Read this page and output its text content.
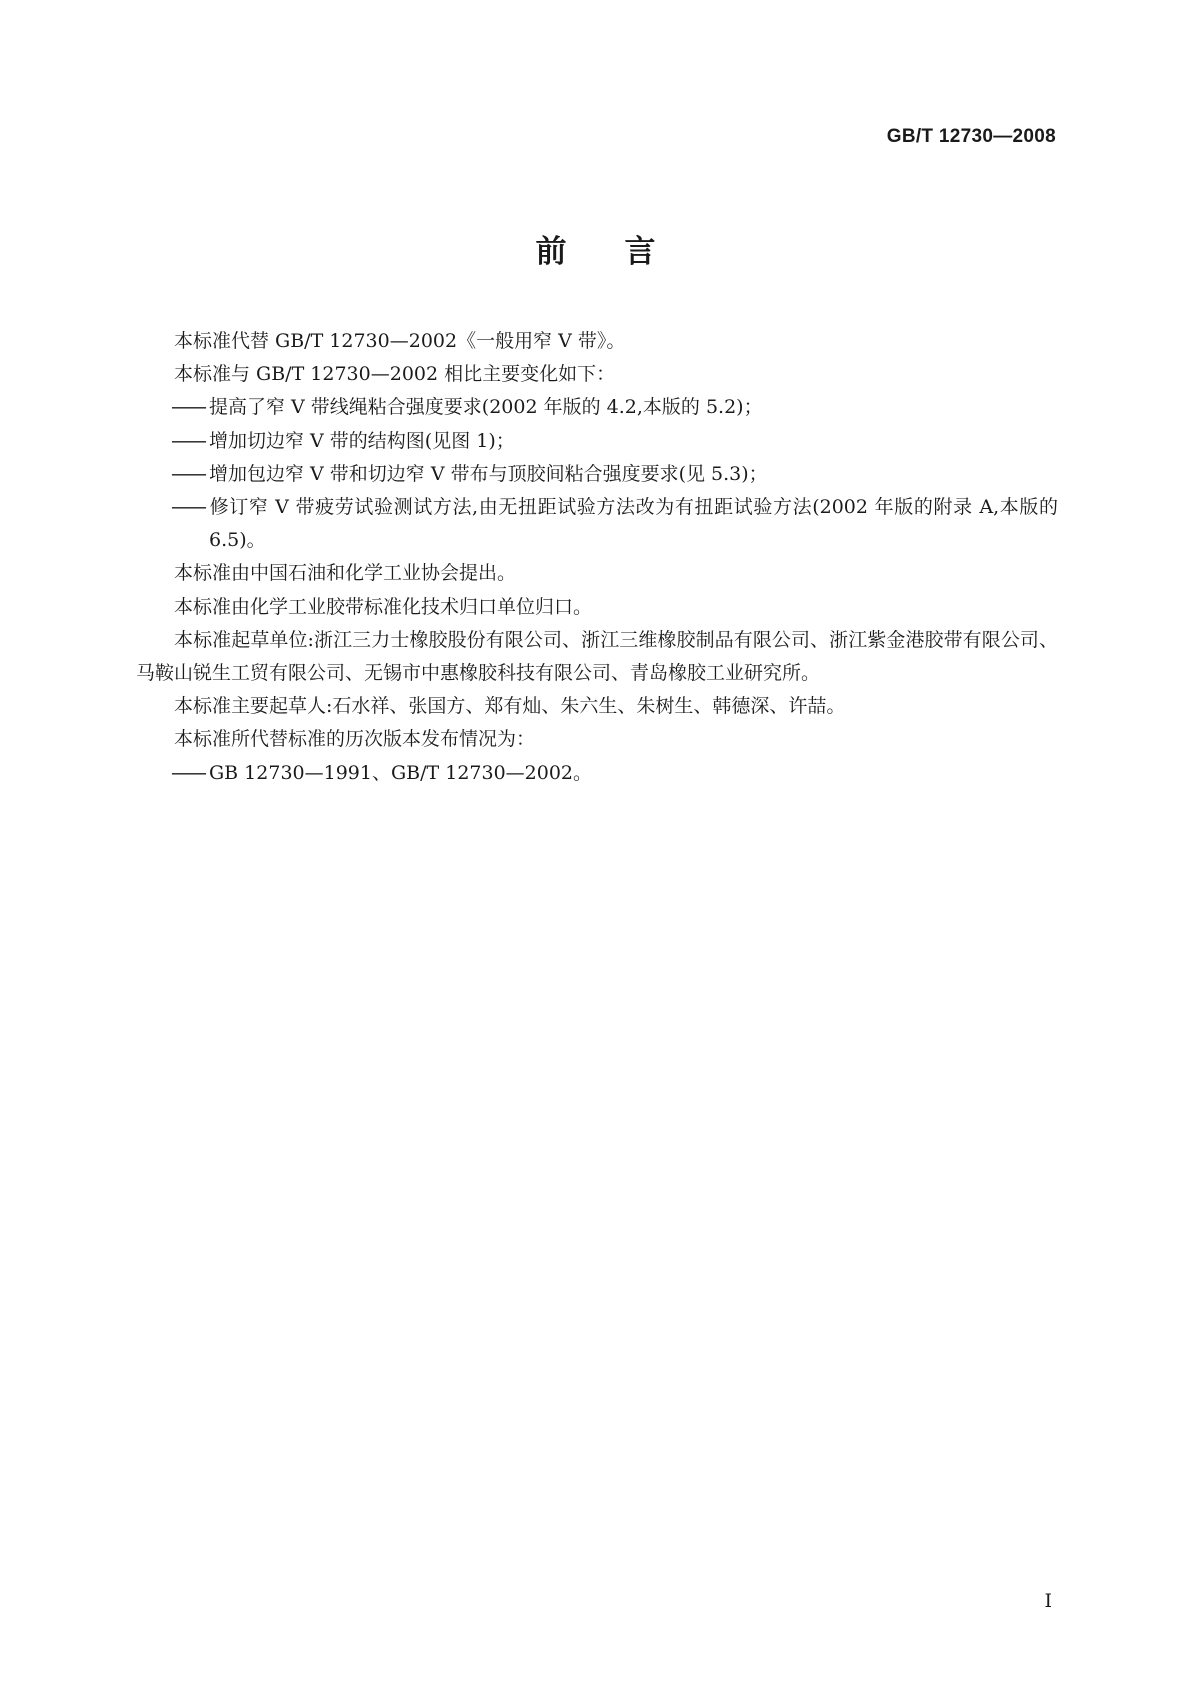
GB/T 12730—2008
前言

本标准代替 GB/T 12730—2002《一般用窄 V 带》。

本标准与 GB/T 12730—2002 相比主要变化如下：

—— 提高了窄 V 带线绳粘合强度要求(2002 年版的 4.2,本版的 5.2)；

—— 增加切边窄 V 带的结构图(见图 1)；

—— 增加包边窄 V 带和切边窄 V 带布与顶胶间粘合强度要求(见 5.3)；

—— 修订窄 V 带疲劳试验测试方法,由无扭距试验方法改为有扭距试验方法(2002 年版的附录 A,本版的 6.5)。

本标准由中国石油和化学工业协会提出。

本标准由化学工业胶带标准化技术归口单位归口。

本标准起草单位:浙江三力士橡胶股份有限公司、浙江三维橡胶制品有限公司、浙江紫金港胶带有限公司、马鞍山锐生工贸有限公司、无锡市中惠橡胶科技有限公司、青岛橡胶工业研究所。

本标准主要起草人:石水祥、张国方、郑有灿、朱六生、朱树生、韩德深、许喆。

本标准所代替标准的历次版本发布情况为：

—— GB 12730—1991、GB/T 12730—2002。

I
